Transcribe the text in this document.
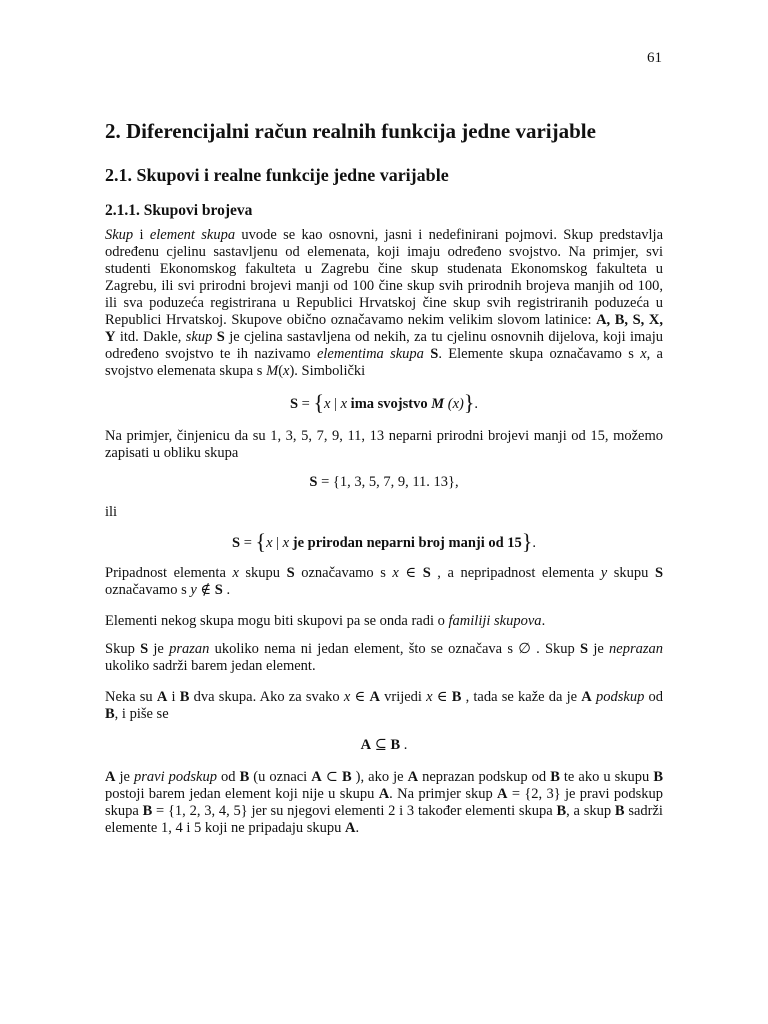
61
2. Diferencijalni račun realnih funkcija jedne varijable
2.1. Skupovi i realne funkcije jedne varijable
2.1.1. Skupovi brojeva

Skup i element skupa uvode se kao osnovni, jasni i nedefinirani pojmovi. Skup predstavlja određenu cjelinu sastavljenu od elemenata, koji imaju određeno svojstvo. Na primjer, svi studenti Ekonomskog fakulteta u Zagrebu čine skup studenata Ekonomskog fakulteta u Zagrebu, ili svi prirodni brojevi manji od 100 čine skup svih prirodnih brojeva manjih od 100, ili sva poduzeća registrirana u Republici Hrvatskoj čine skup svih registriranih poduzeća u Republici Hrvatskoj. Skupove obično označavamo nekim velikim slovom latinice: A, B, S, X, Y itd. Dakle, skup S je cjelina sastavljena od nekih, za tu cjelinu osnovnih dijelova, koji imaju određeno svojstvo te ih nazivamo elementima skupa S. Elemente skupa označavamo s x, a svojstvo elemenata skupa s M(x). Simbolički

S = {x | x ima svojstvo M (x)}.

Na primjer, činjenicu da su 1, 3, 5, 7, 9, 11, 13 neparni prirodni brojevi manji od 15, možemo zapisati u obliku skupa

S = {1, 3, 5, 7, 9, 11. 13},

ili

S = {x | x je prirodan neparni broj manji od 15}.

Pripadnost elementa x skupu S označavamo s x ∈ S , a nepripadnost elementa y skupu S označavamo s y ∉ S .

Elementi nekog skupa mogu biti skupovi pa se onda radi o familiji skupova.

Skup S je prazan ukoliko nema ni jedan element, što se označava s ∅ . Skup S je neprazan ukoliko sadrži barem jedan element.

Neka su A i B dva skupa. Ako za svako x ∈ A vrijedi x ∈ B , tada se kaže da je A podskup od B, i piše se

A ⊆ B .

A je pravi podskup od B (u oznaci A ⊂ B ), ako je A neprazan podskup od B te ako u skupu B postoji barem jedan element koji nije u skupu A. Na primjer skup A = {2, 3} je pravi podskup skupa B = {1, 2, 3, 4, 5} jer su njegovi elementi 2 i 3 također elementi skupa B, a skup B sadrži elemente 1, 4 i 5 koji ne pripadaju skupu A.
